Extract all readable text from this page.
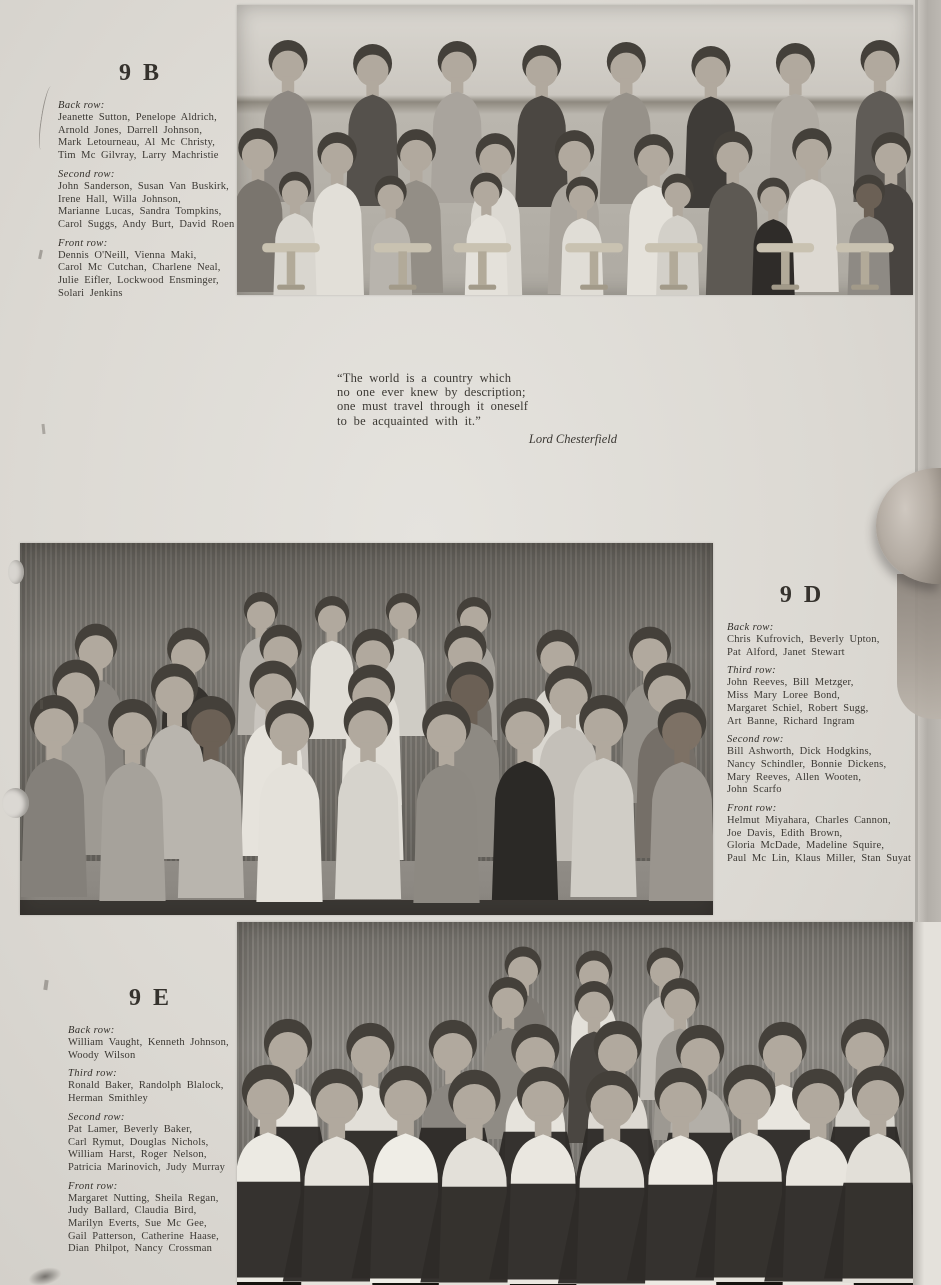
9 B
Back row:
Jeanette Sutton, Penelope Aldrich,
Arnold Jones, Darrell Johnson,
Mark Letourneau, Al Mc Christy,
Tim Mc Gilvray, Larry Machristie
Second row:
John Sanderson, Susan Van Buskirk,
Irene Hall, Willa Johnson,
Marianne Lucas, Sandra Tompkins,
Carol Suggs, Andy Burt, David Roen
Front row:
Dennis O'Neill, Vienna Maki,
Carol Mc Cutchan, Charlene Neal,
Julie Eifler, Lockwood Ensminger,
Solari Jenkins
“The world is a country which
no one ever knew by description;
one must travel through it oneself
to be acquainted with it.”
Lord Chesterfield
9 D
Back row:
Chris Kufrovich, Beverly Upton,
Pat Alford, Janet Stewart
Third row:
John Reeves, Bill Metzger,
Miss Mary Loree Bond,
Margaret Schiel, Robert Sugg,
Art Banne, Richard Ingram
Second row:
Bill Ashworth, Dick Hodgkins,
Nancy Schindler, Bonnie Dickens,
Mary Reeves, Allen Wooten,
John Scarfo
Front row:
Helmut Miyahara, Charles Cannon,
Joe Davis, Edith Brown,
Gloria McDade, Madeline Squire,
Paul Mc Lin, Klaus Miller, Stan Suyat
9 E
Back row:
William Vaught, Kenneth Johnson,
Woody Wilson
Third row:
Ronald Baker, Randolph Blalock,
Herman Smithley
Second row:
Pat Lamer, Beverly Baker,
Carl Rymut, Douglas Nichols,
William Harst, Roger Nelson,
Patricia Marinovich, Judy Murray
Front row:
Margaret Nutting, Sheila Regan,
Judy Ballard, Claudia Bird,
Marilyn Everts, Sue Mc Gee,
Gail Patterson, Catherine Haase,
Dian Philpot, Nancy Crossman
